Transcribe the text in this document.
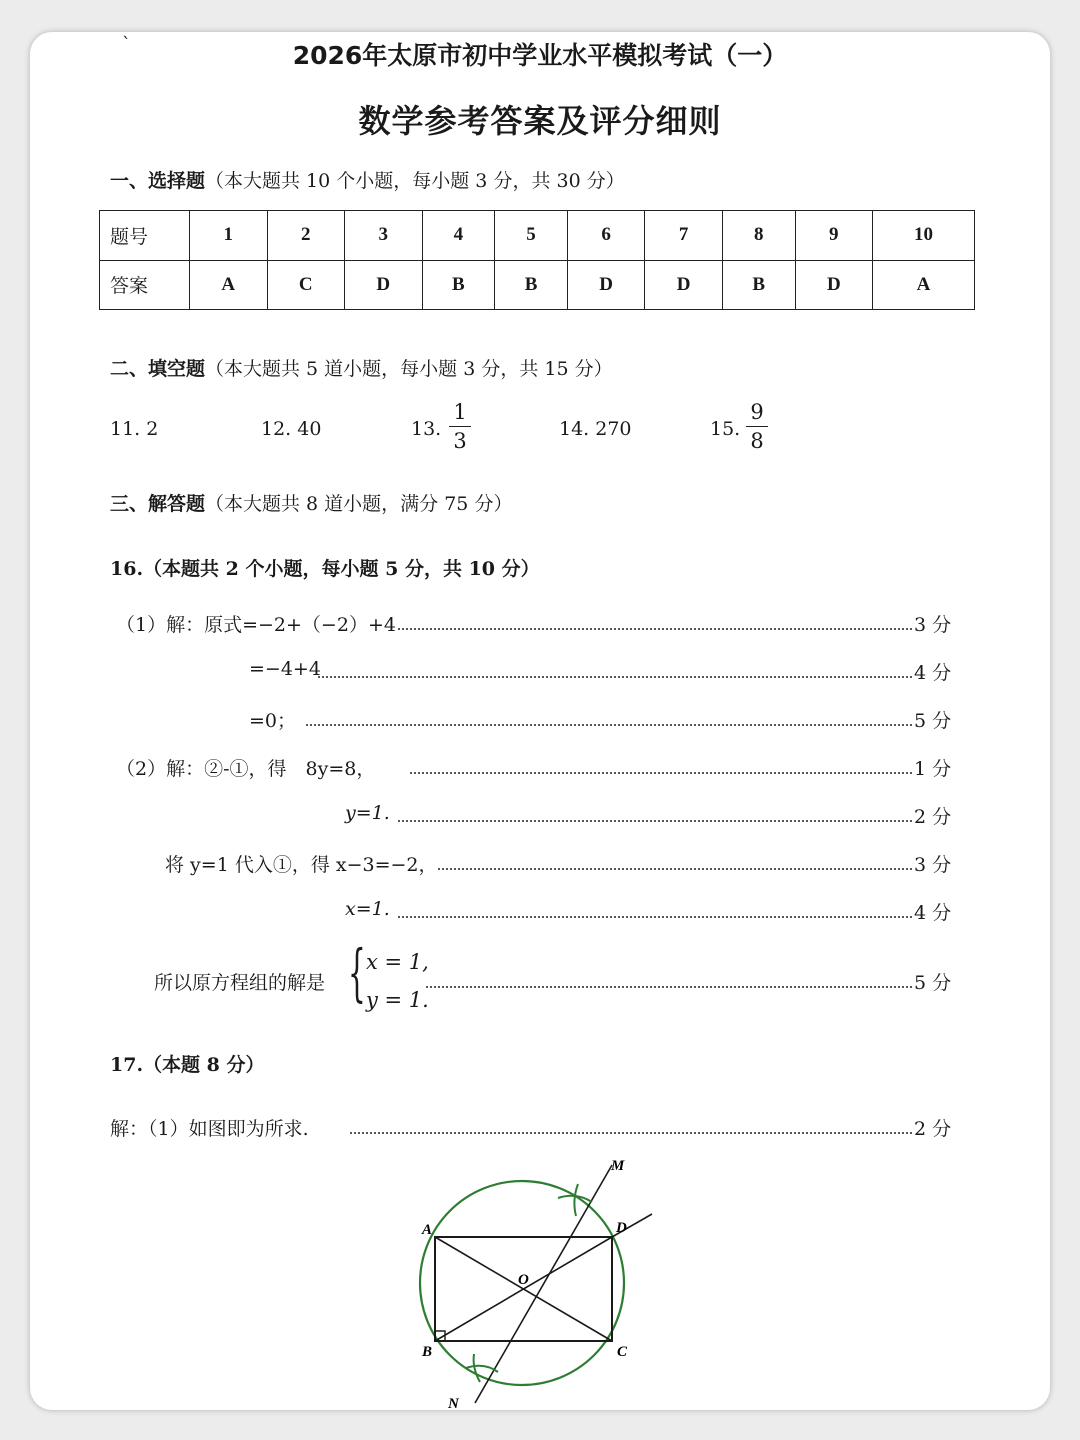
`	2026年太原市初中学业水平模拟考试（一）
数学参考答案及评分细则
一、选择题（本大题共 10 个小题，每小题 3 分，共 30 分）
题号	1	2	3	4	5	6	7	8	9	10
答案	A	C	D	B	B	D	D	B	D	A
二、填空题（本大题共 5 道小题，每小题 3 分，共 15 分）
11. 2	12. 40	13.
1
3	14. 270	15.
9
8
三、解答题（本大题共 8 道小题，满分 75 分）
16.（本题共 2 个小题，每小题 5 分，共 10 分）
（1）解：原式=−2+（−2）+4	3 分
=−4+4	4 分
=0；	5 分
（2）解：②-①，得　8y=8，	1 分
y=1.	2 分
将 y=1 代入①，得 x−3=−2，	3 分
x=1.	4 分
所以原方程组的解是 { x = 1,
y = 1.
5 分
17.（本题 8 分）
解：（1）如图即为所求.	2 分
A
B	C
D
O
M
N
